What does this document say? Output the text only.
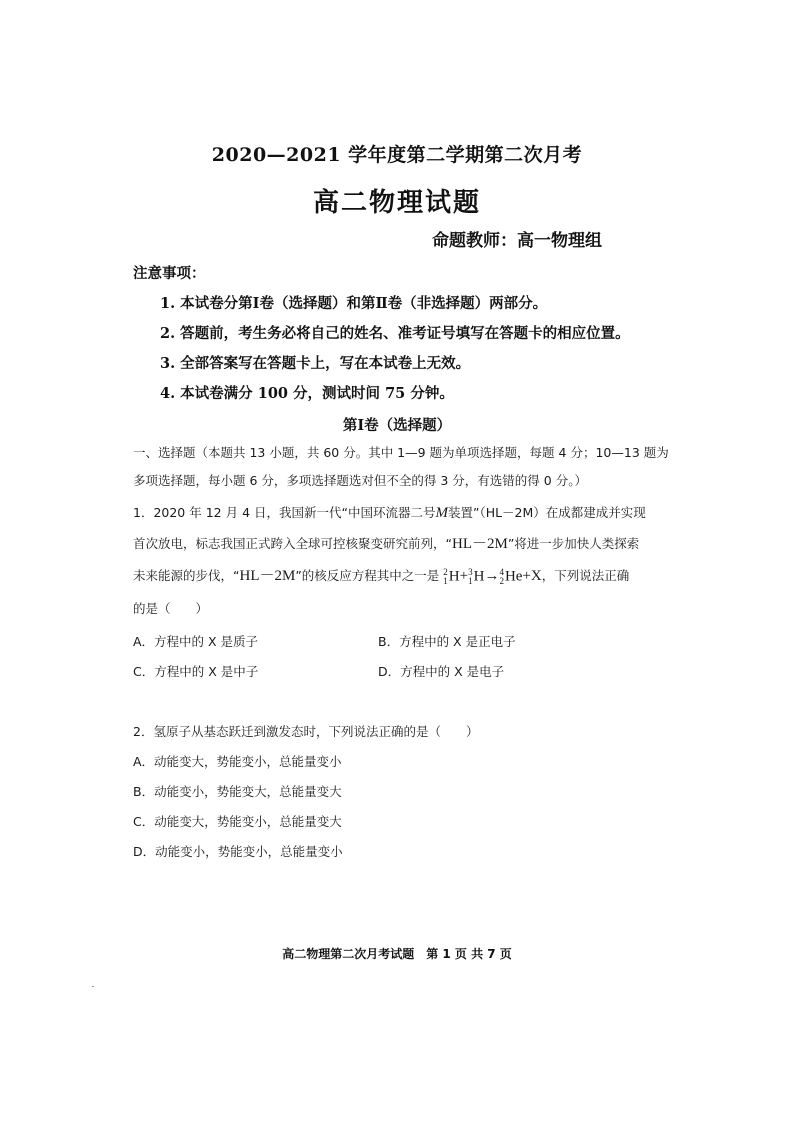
2020—2021 学年度第二学期第二次月考
高二物理试题
命题教师：高一物理组
注意事项：
1. 本试卷分第Ⅰ卷（选择题）和第Ⅱ卷（非选择题）两部分。
2. 答题前，考生务必将自己的姓名、准考证号填写在答题卡的相应位置。
3. 全部答案写在答题卡上，写在本试卷上无效。
4. 本试卷满分 100 分，测试时间 75 分钟。
第Ⅰ卷（选择题）
一、选择题（本题共 13 小题，共 60 分。其中 1—9 题为单项选择题，每题 4 分；10—13 题为
多项选择题，每小题 6 分，多项选择题选对但不全的得 3 分，有选错的得 0 分。）
1．2020 年 12 月 4 日，我国新一代“中国环流器二号M装置”（HL－2M）在成都建成并实现
首次放电，标志我国正式跨入全球可控核聚变研究前列，“HL－2M”将进一步加快人类探索
未来能源的步伐，“HL－2M”的核反应方程其中之一是 2
1 H+ 3
1 H→ 4
2 He+X，下列说法正确
的是（　　）
A．方程中的 X 是质子	B．方程中的 X 是正电子
C．方程中的 X 是中子	D．方程中的 X 是电子
2．氢原子从基态跃迁到激发态时，下列说法正确的是（　　）
A．动能变大，势能变小，总能量变小
B．动能变小，势能变大，总能量变大
C．动能变大，势能变小，总能量变大
D．动能变小，势能变小，总能量变小
高二物理第二次月考试题　第 1 页 共 7 页
